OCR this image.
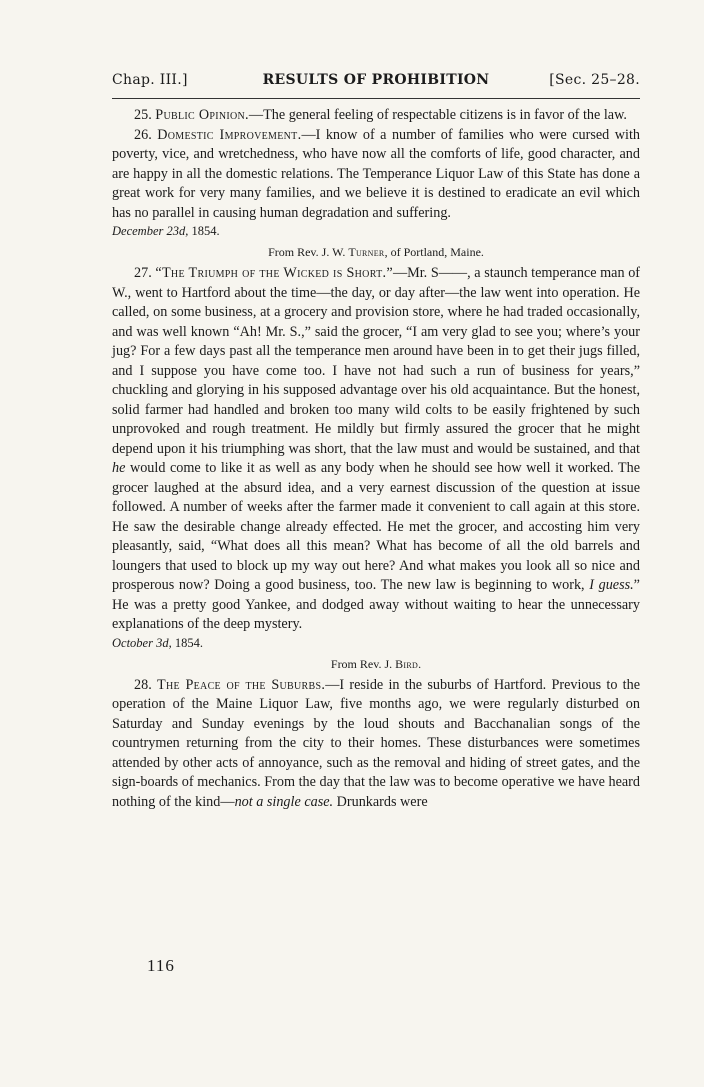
Chap. III.]	RESULTS OF PROHIBITION	[Sec. 25–28.

25. Public Opinion.—The general feeling of respectable citizens is in favor of the law.

26. Domestic Improvement.—I know of a number of families who were cursed with poverty, vice, and wretchedness, who have now all the comforts of life, good character, and are happy in all the domestic relations. The Temperance Liquor Law of this State has done a great work for very many families, and we believe it is destined to eradicate an evil which has no parallel in causing human degradation and suffering.

December 23d, 1854.

From Rev. J. W. Turner, of Portland, Maine.

27. “The Triumph of the Wicked is Short.”—Mr. S——, a staunch temperance man of W., went to Hartford about the time—the day, or day after—the law went into operation. He called, on some business, at a grocery and provision store, where he had traded occasionally, and was well known “Ah! Mr. S.,” said the grocer, “I am very glad to see you; where’s your jug? For a few days past all the temperance men around have been in to get their jugs filled, and I suppose you have come too. I have not had such a run of business for years,” chuckling and glorying in his supposed advantage over his old acquaintance. But the honest, solid farmer had handled and broken too many wild colts to be easily frightened by such unprovoked and rough treatment. He mildly but firmly assured the grocer that he might depend upon it his triumphing was short, that the law must and would be sustained, and that he would come to like it as well as any body when he should see how well it worked. The grocer laughed at the absurd idea, and a very earnest discussion of the question at issue followed. A number of weeks after the farmer made it convenient to call again at this store. He saw the desirable change already effected. He met the grocer, and accosting him very pleasantly, said, “What does all this mean? What has become of all the old barrels and loungers that used to block up my way out here? And what makes you look all so nice and prosperous now? Doing a good business, too. The new law is beginning to work, I guess.” He was a pretty good Yankee, and dodged away without waiting to hear the unnecessary explanations of the deep mystery.

October 3d, 1854.

From Rev. J. Bird.

28. The Peace of the Suburbs.—I reside in the suburbs of Hartford. Previous to the operation of the Maine Liquor Law, five months ago, we were regularly disturbed on Saturday and Sunday evenings by the loud shouts and Bacchanalian songs of the countrymen returning from the city to their homes. These disturbances were sometimes attended by other acts of annoyance, such as the removal and hiding of street gates, and the sign-boards of mechanics. From the day that the law was to become operative we have heard nothing of the kind—not a single case. Drunkards were

116
